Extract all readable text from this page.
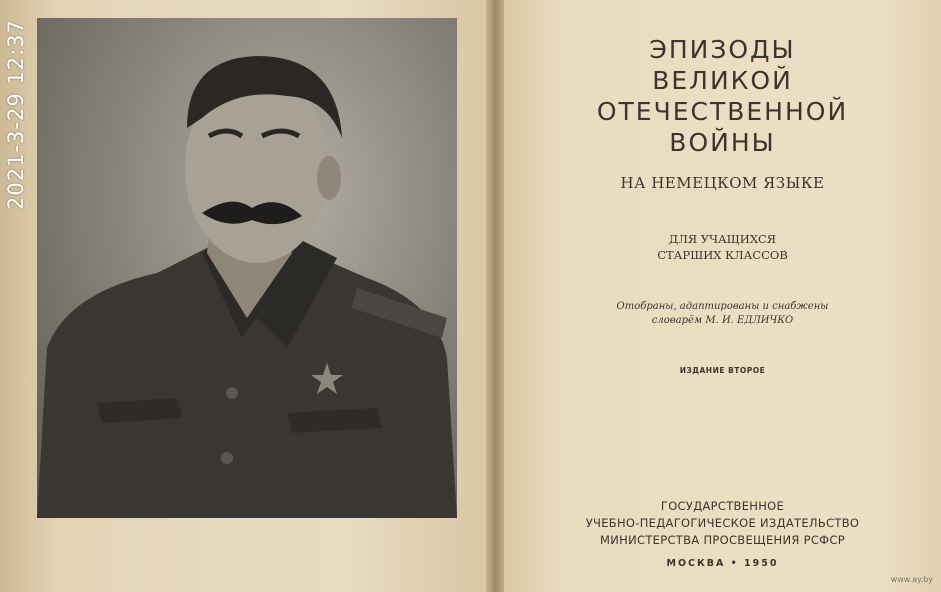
2021-3-29 12:37	ЭПИЗОДЫ
ВЕЛИКОЙ
ОТЕЧЕСТВЕННОЙ
ВОЙНЫ
НА НЕМЕЦКОМ ЯЗЫКЕ
ДЛЯ УЧАЩИХСЯ
СТАРШИХ КЛАССОВ
Отобраны, адаптированы и снабжены
словарём М. И. ЕДЛИЧКО
ИЗДАНИЕ ВТОРОЕ
ГОСУДАРСТВЕННОЕ
УЧЕБНО-ПЕДАГОГИЧЕСКОЕ ИЗДАТЕЛЬСТВО
МИНИСТЕРСТВА ПРОСВЕЩЕНИЯ РСФСР
МОСКВА • 1950
www.ay.by
